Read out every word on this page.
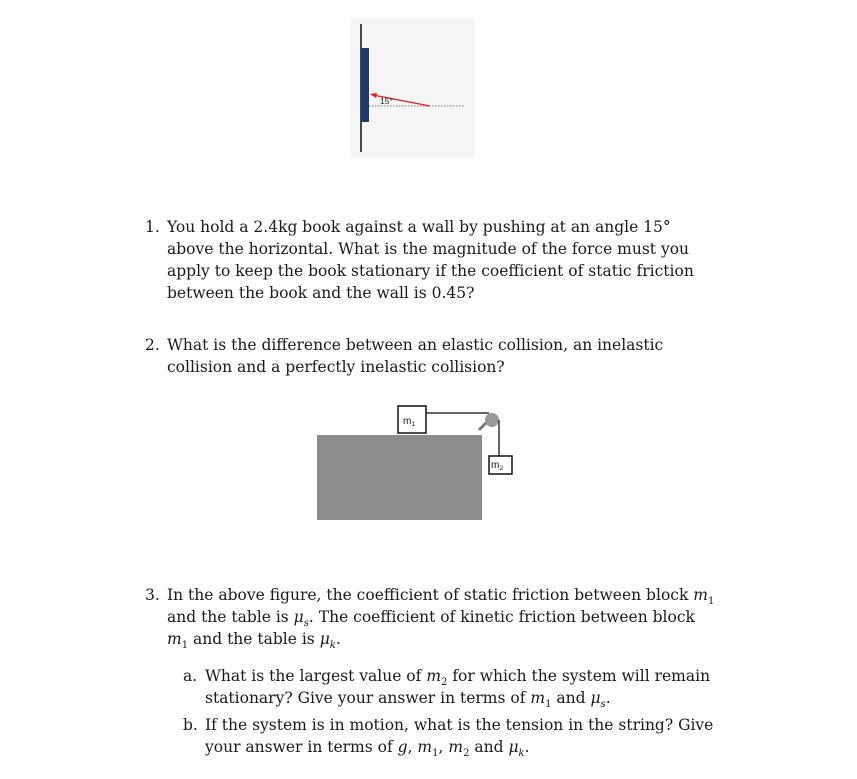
15°
1. You hold a 2.4kg book against a wall by pushing at an angle 15° above the horizontal. What is the magnitude of the force must you apply to keep the book stationary if the coefficient of static friction between the book and the wall is 0.45?
2. What is the difference between an elastic collision, an inelastic collision and a perfectly inelastic collision?
$m_1$
$m_2$
3. In the above figure, the coefficient of static friction between block $m_1$ and the table is $\mu_s$. The coefficient of kinetic friction between block $m_1$ and the table is $\mu_k$.
a. What is the largest value of $m_2$ for which the system will remain stationary? Give your answer in terms of $m_1$ and $\mu_s$.
b. If the system is in motion, what is the tension in the string? Give your answer in terms of g, $m_1$, $m_2$ and $\mu_k$.
